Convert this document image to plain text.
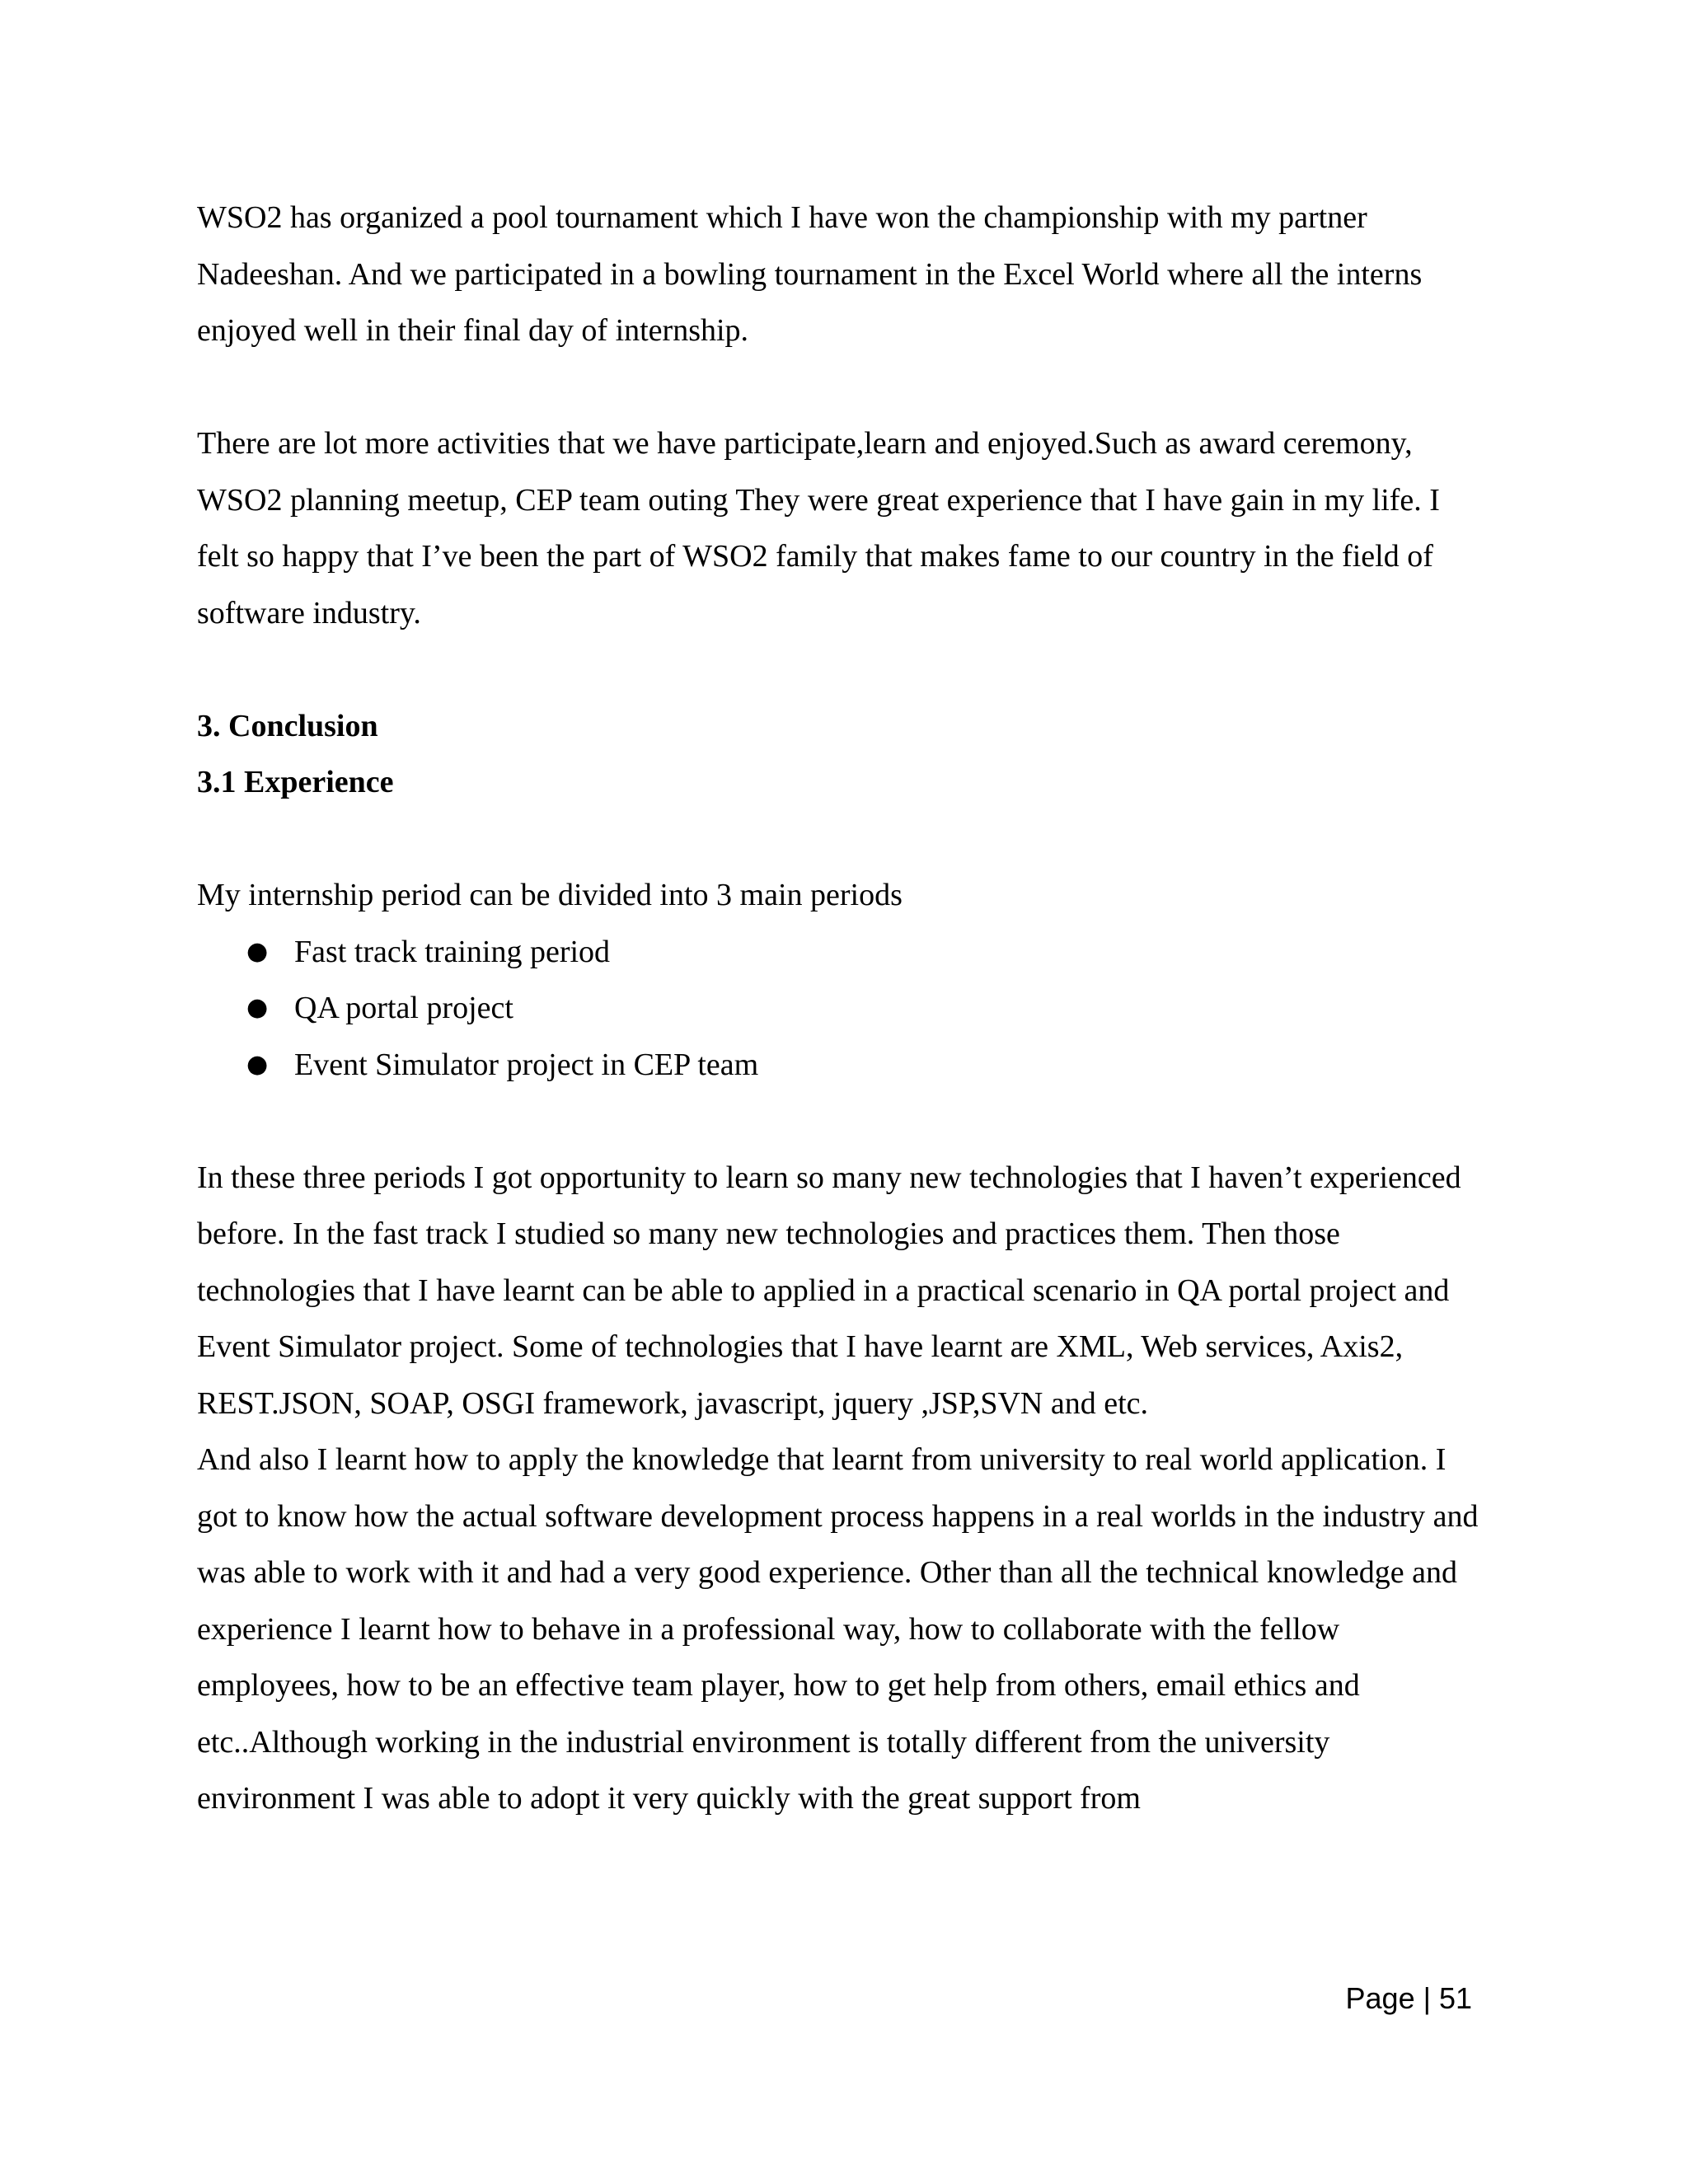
WSO2 has organized a pool tournament which I have won the championship with my partner Nadeeshan. And we participated in a bowling tournament in the Excel World where all the interns enjoyed well in their final day of internship.

There are lot more activities that we have participate,learn and enjoyed.Such as award ceremony, WSO2 planning meetup, CEP team outing They were great experience that I have gain in my life. I felt so happy that I’ve been the part of WSO2 family that makes fame to our country in the field of software industry.

3. Conclusion

3.1 Experience

My internship period can be divided into 3 main periods

● Fast track training period
● QA portal project
● Event Simulator project in CEP team

In these three periods I got opportunity to learn so many new technologies that I haven’t experienced before. In the fast track I studied so many new technologies and practices them. Then those technologies that I have learnt can be able to applied in a practical scenario in QA portal project and Event Simulator project. Some of technologies that I have learnt are XML, Web services, Axis2, REST.JSON, SOAP, OSGI framework, javascript, jquery ,JSP,SVN and etc.

And also I learnt how to apply the knowledge that learnt from university to real world application. I got to know how the actual software development process happens in a real worlds in the industry and was able to work with it and had a very good experience. Other than all the technical knowledge and experience I learnt how to behave in a professional way, how to collaborate with the fellow employees, how to be an effective team player, how to get help from others, email ethics and etc..Although working in the industrial environment is totally different from the university environment I was able to adopt it very quickly with the great support from

Page | 51
